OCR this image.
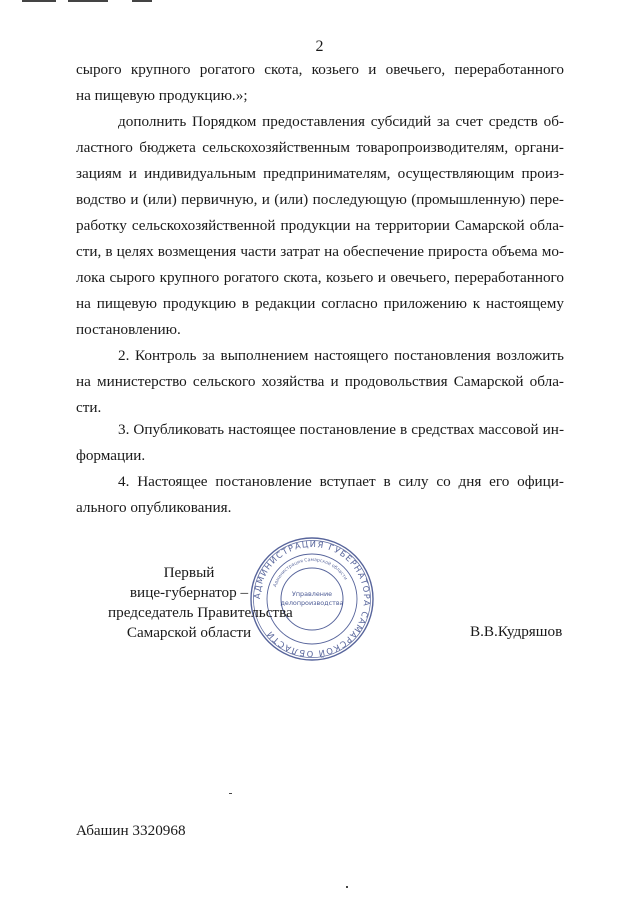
2
сырого крупного рогатого скота, козьего и овечьего, переработанного
на пищевую продукцию.»;
дополнить Порядком предоставления субсидий за счет средств об-
ластного бюджета сельскохозяйственным товаропроизводителям, органи-
зациям и индивидуальным предпринимателям, осуществляющим произ-
водство и (или) первичную, и (или) последующую (промышленную) пере-
работку сельскохозяйственной продукции на территории Самарской обла-
сти, в целях возмещения части затрат на обеспечение прироста объема мо-
лока сырого крупного рогатого скота, козьего и овечьего, переработанного
на пищевую продукцию в редакции согласно приложению к настоящему
постановлению.
2. Контроль за выполнением настоящего постановления возложить
на министерство сельского хозяйства и продовольствия Самарской обла-
сти.
3. Опубликовать настоящее постановление в средствах массовой ин-
формации.
4. Настоящее постановление вступает в силу со дня его офици-
ального опубликования.
АДМИНИСТРАЦИЯ ГУБЕРНАТОРА САМАРСКОЙ ОБЛАСТИ
Администрация Самарской области
Управление
делопроизводства
Первый
вице-губернатор –
председатель Правительства
Самарской области	В.В.Кудряшов
Абашин 3320968
